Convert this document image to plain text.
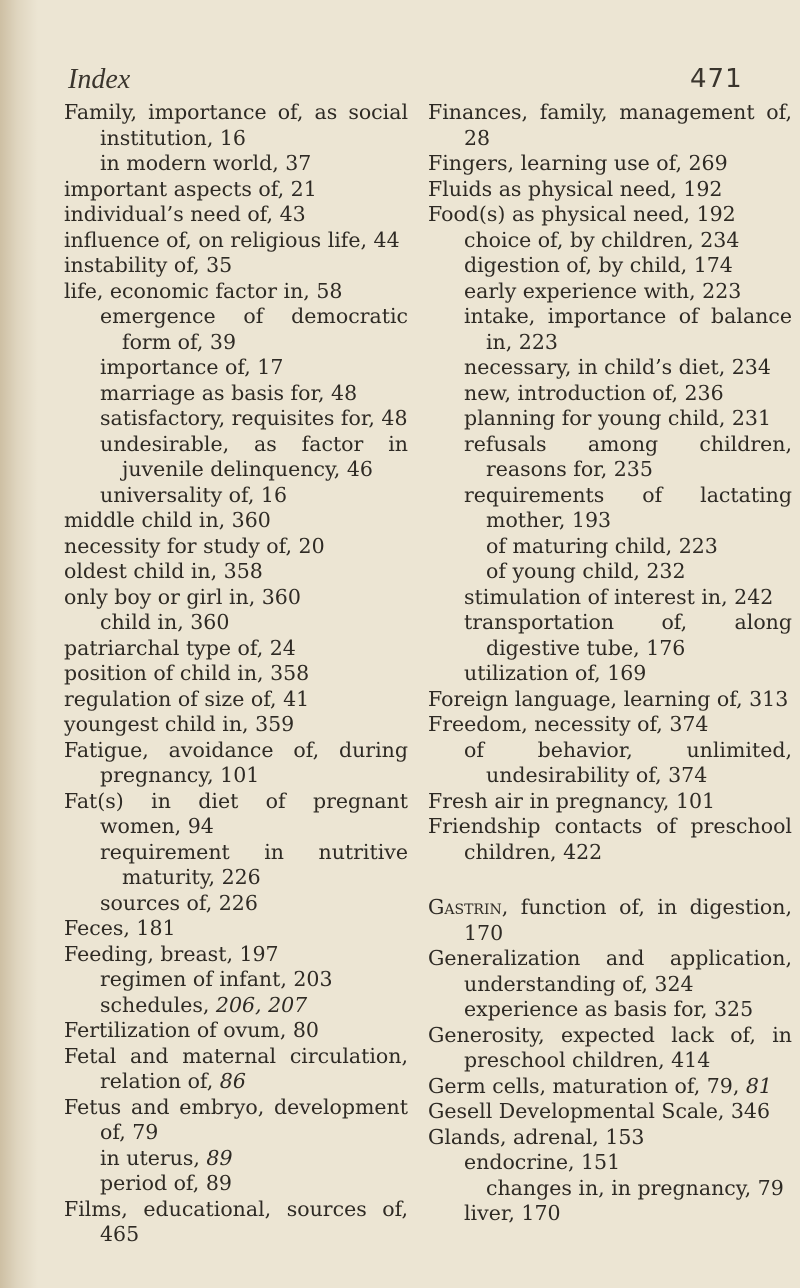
Index	471
Family, importance of, as social institution, 16
in modern world, 37
important aspects of, 21
individual’s need of, 43
influence of, on religious life, 44
instability of, 35
life, economic factor in, 58
emergence of democratic form of, 39
importance of, 17
marriage as basis for, 48
satisfactory, requisites for, 48
undesirable, as factor in juvenile delinquency, 46
universality of, 16
middle child in, 360
necessity for study of, 20
oldest child in, 358
only boy or girl in, 360
child in, 360
patriarchal type of, 24
position of child in, 358
regulation of size of, 41
youngest child in, 359
Fatigue, avoidance of, during pregnancy, 101
Fat(s) in diet of pregnant women, 94
requirement in nutritive maturity, 226
sources of, 226
Feces, 181
Feeding, breast, 197
regimen of infant, 203
schedules, 206, 207
Fertilization of ovum, 80
Fetal and maternal circulation, relation of, 86
Fetus and embryo, development of, 79
in uterus, 89
period of, 89
Films, educational, sources of, 465
Finances, family, management of, 28
Fingers, learning use of, 269
Fluids as physical need, 192
Food(s) as physical need, 192
choice of, by children, 234
digestion of, by child, 174
early experience with, 223
intake, importance of balance in, 223
necessary, in child’s diet, 234
new, introduction of, 236
planning for young child, 231
refusals among children, reasons for, 235
requirements of lactating mother, 193
of maturing child, 223
of young child, 232
stimulation of interest in, 242
transportation of, along digestive tube, 176
utilization of, 169
Foreign language, learning of, 313
Freedom, necessity of, 374
of behavior, unlimited, undesirability of, 374
Fresh air in pregnancy, 101
Friendship contacts of preschool children, 422
Gastrin, function of, in digestion, 170
Generalization and application, understanding of, 324
experience as basis for, 325
Generosity, expected lack of, in preschool children, 414
Germ cells, maturation of, 79, 81
Gesell Developmental Scale, 346
Glands, adrenal, 153
endocrine, 151
changes in, in pregnancy, 79
liver, 170
